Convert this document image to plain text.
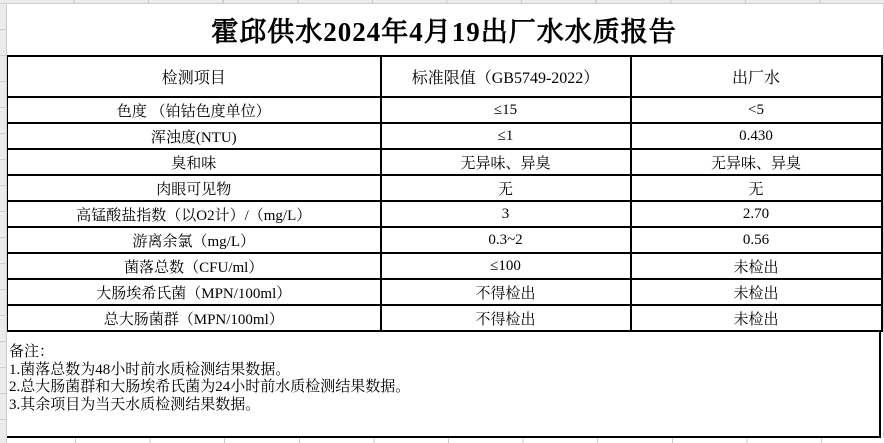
霍邱供水2024年4月19出厂水水质报告
检测项目	标准限值（GB5749-2022）	出厂水
色度 （铂钴色度单位）	≤15	<5
浑浊度(NTU)	≤1	0.430
臭和味	无异味、异臭	无异味、异臭
肉眼可见物	无	无
高锰酸盐指数（以O2计）/（mg/L）	3	2.70
游离余氯（mg/L）	0.3~2	0.56
菌落总数（CFU/ml）	≤100	未检出
大肠埃希氏菌（MPN/100ml）	不得检出	未检出
总大肠菌群（MPN/100ml）	不得检出	未检出
备注：
1.菌落总数为48小时前水质检测结果数据。
2.总大肠菌群和大肠埃希氏菌为24小时前水质检测结果数据。
3.其余项目为当天水质检测结果数据。
